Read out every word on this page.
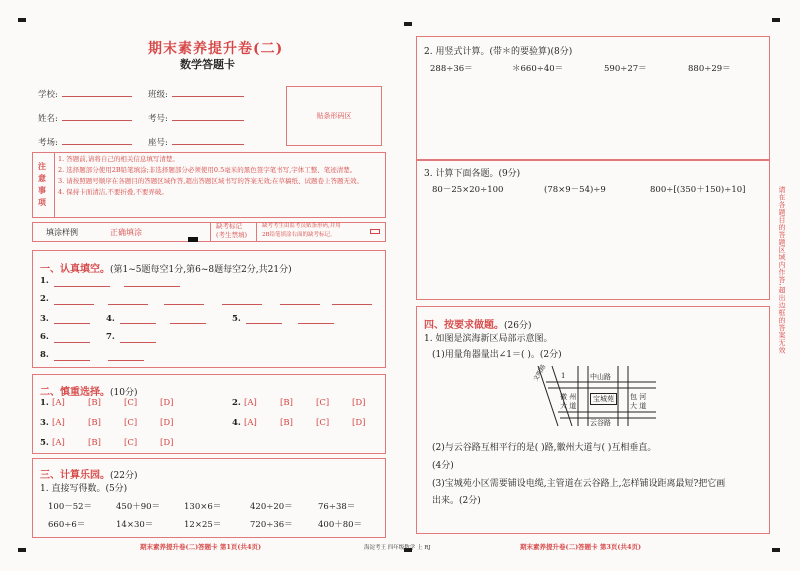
期末素养提升卷(二)
数学答题卡
学校:	班级:
姓名:	考号:
考场:	座号:
贴条形码区
注
意
事
项
1. 答题前,请将自己的相关信息填写清楚。
2. 选择题部分使用2B铅笔填涂;非选择题部分必须使用0.5毫米的黑色签字笔书写,字体工整、笔迹清楚。
3. 请按照题号顺序在各题目的答题区域作答,超出答题区域书写的答案无效;在草稿纸、试题卷上答题无效。
4. 保持卡面清洁,不要折叠,不要弄破。
填涂样例	正确填涂
缺考标记
(考生禁填)
缺考考生由监考员贴条形码,并用
2B铅笔填涂右面的缺考标记。
一、认真填空。(第1~5题每空1分,第6~8题每空2分,共21分)
1.
2.
3.	4.	5.
6.	7.
8.
二、慎重选择。(10分)
1. [A]	[B]	[C]	[D]	2. [A]	[B]	[C]	[D]
3. [A]	[B]	[C]	[D]	4. [A]	[B]	[C]	[D]
5. [A]	[B]	[C]	[D]
三、计算乐园。(22分)
1. 直接写得数。(5分)
100－52＝	450＋90＝	130×6＝	420÷20＝	76÷38＝
660÷6＝	14×30＝	12×25＝	720÷36＝	400＋80＝
2. 用竖式计算。(带＊的要验算)(8分)
288÷36＝	＊660÷40＝	590÷27＝	880÷29＝
3. 计算下面各题。(9分)
80－25×20÷100	(78×9－54)÷9	800÷[(350＋150)÷10]
四、按要求做题。(26分)
1. 如图是滨海新区局部示意图。
(1)用量角器量出∠1＝( )。(2分)
文明路 1	中山路
徽 州
大 道
宝城苑	包 河
大 道
云谷路
(2)与云谷路互相平行的是( )路,徽州大道与( )互相垂直。
(4分)
(3)宝城苑小区需要铺设电缆,主管道在云谷路上,怎样铺设距离最短?把它画
出来。(2分)
请在各题目的答题区域内作答,超出边框的答案无效
期末素养提升卷(二)答题卡 第1页(共4页)	海淀考王 四年级数学 上 RJ	期末素养提升卷(二)答题卡 第3页(共4页)
